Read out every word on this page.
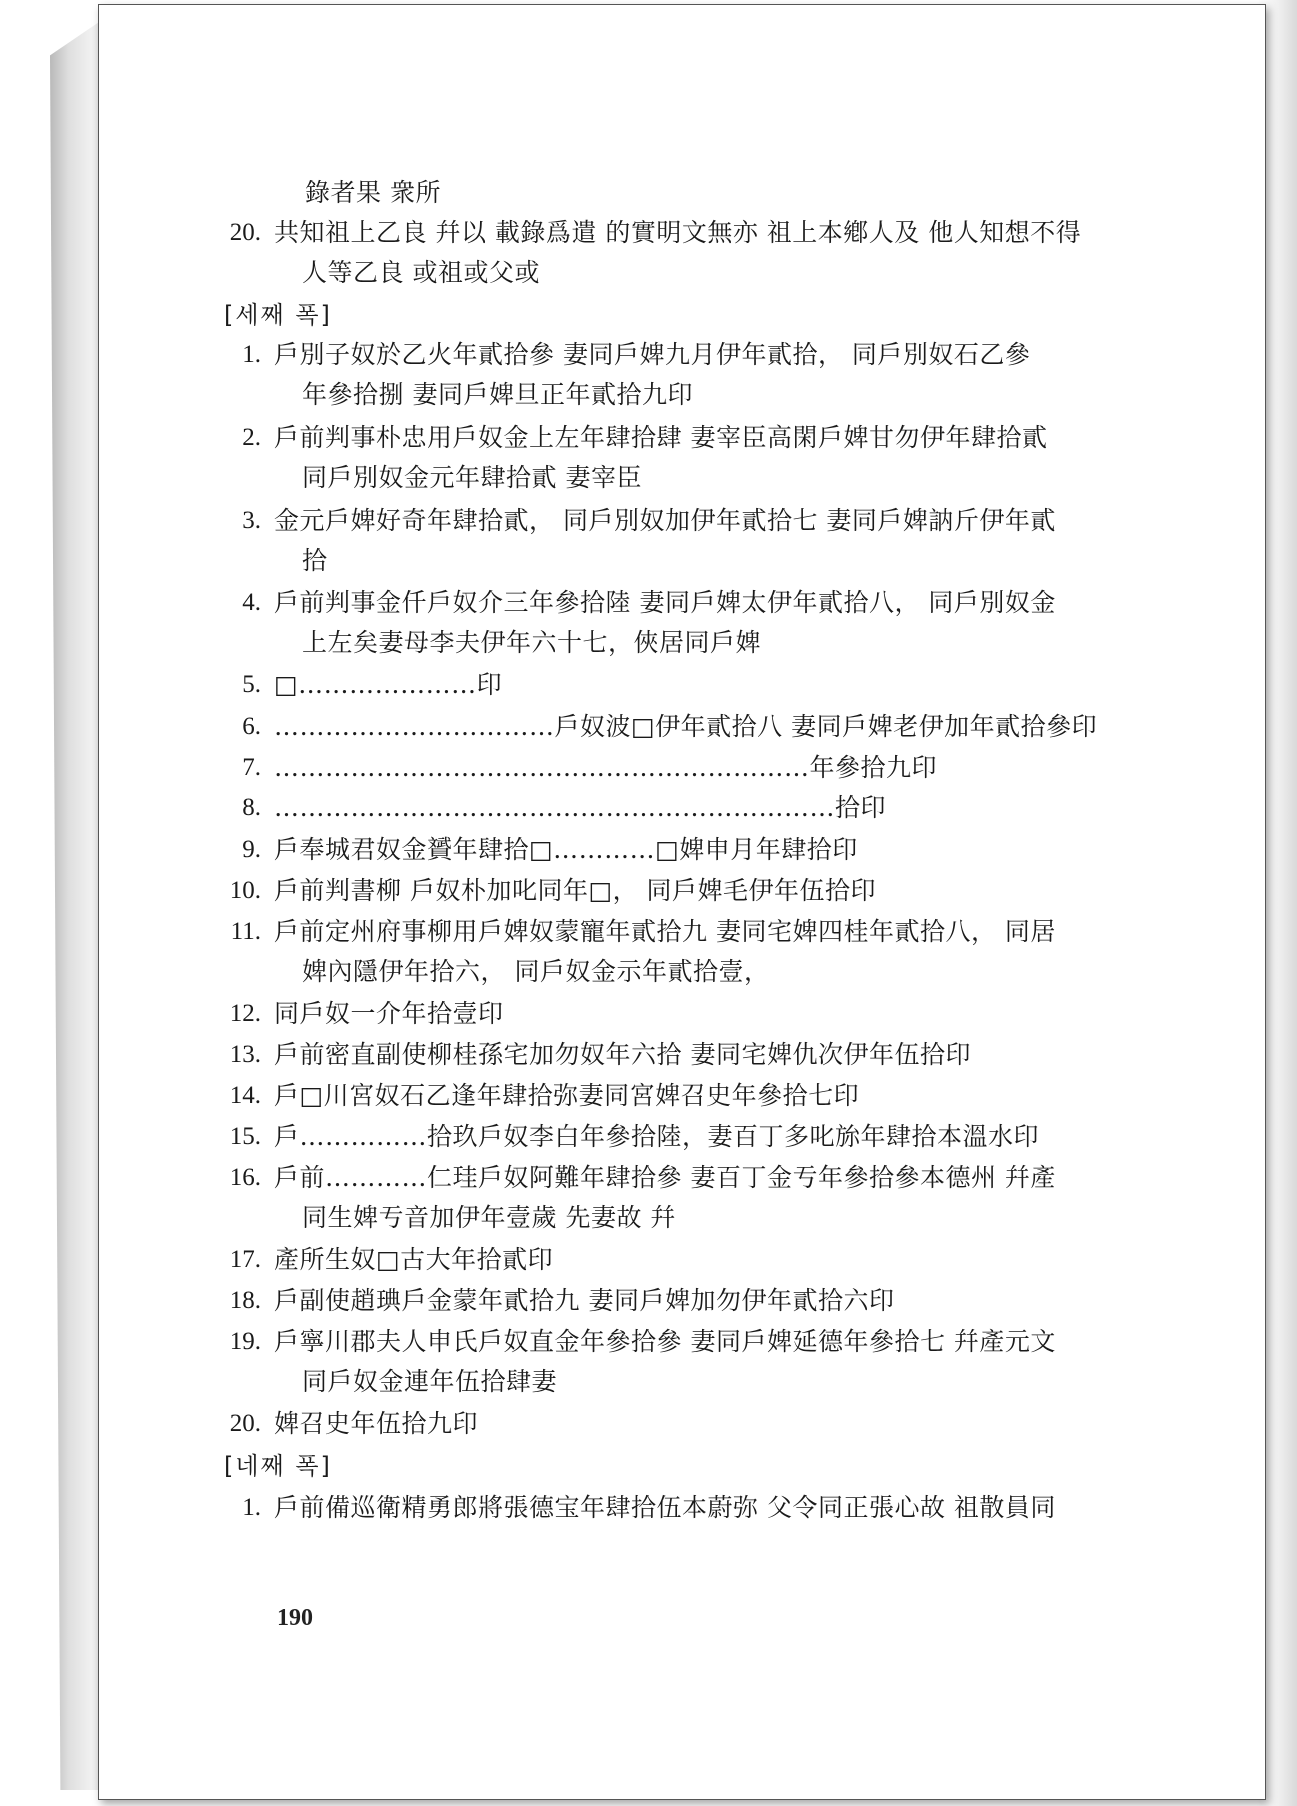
190
錄者果 衆所
20. 共知祖上乙良 幷以 載錄爲遣 的實明文無亦 祖上本鄕人及 他人知想不得
人等乙良 或祖或父或
[세째 폭]
1. 戶別子奴於乙火年貳拾參 妻同戶婢九月伊年貳拾， 同戶別奴石乙參
年參拾捌 妻同戶婢旦正年貳拾九印
2. 戶前判事朴忠用戶奴金上左年肆拾肆 妻宰臣高閑戶婢甘勿伊年肆拾貳
同戶別奴金元年肆拾貳 妻宰臣
3. 金元戶婢好奇年肆拾貳， 同戶別奴加伊年貳拾七 妻同戶婢訥斤伊年貳
拾
4. 戶前判事金仟戶奴介三年參拾陸 妻同戶婢太伊年貳拾八， 同戶別奴金
上左矣妻母李夫伊年六十七，俠居同戶婢
5. □…………………印
6. ……………………………戶奴波□伊年貳拾八 妻同戶婢老伊加年貳拾參印
7. ………………………………………………………年參拾九印
8. …………………………………………………………拾印
9. 戶奉城君奴金贇年肆拾□…………□婢申月年肆拾印
10. 戶前判書柳 戶奴朴加叱同年□， 同戶婢毛伊年伍拾印
11. 戶前定州府事柳用戶婢奴蒙寵年貳拾九 妻同宅婢四桂年貳拾八， 同居
婢內隱伊年拾六， 同戶奴金示年貳拾壹，
12. 同戶奴一介年拾壹印
13. 戶前密直副使柳桂孫宅加勿奴年六拾 妻同宅婢仇次伊年伍拾印
14. 戶□川宮奴石乙逢年肆拾弥妻同宮婢召史年參拾七印
15. 戶……………拾玖戶奴李白年參拾陸，妻百丁多叱旀年肆拾本溫水印
16. 戶前…………仁珪戶奴阿難年肆拾參 妻百丁金亐年參拾參本德州 幷產
同生婢亐音加伊年壹歲 先妻故 幷
17. 產所生奴□古大年拾貳印
18. 戶副使趙琠戶金蒙年貳拾九 妻同戶婢加勿伊年貳拾六印
19. 戶寧川郡夫人申氏戶奴直金年參拾參 妻同戶婢延德年參拾七 幷產元文
同戶奴金連年伍拾肆妻
20. 婢召史年伍拾九印
[네째 폭]
1. 戶前備巡衛精勇郎將張德宝年肆拾伍本蔚弥 父令同正張心故 祖散員同
